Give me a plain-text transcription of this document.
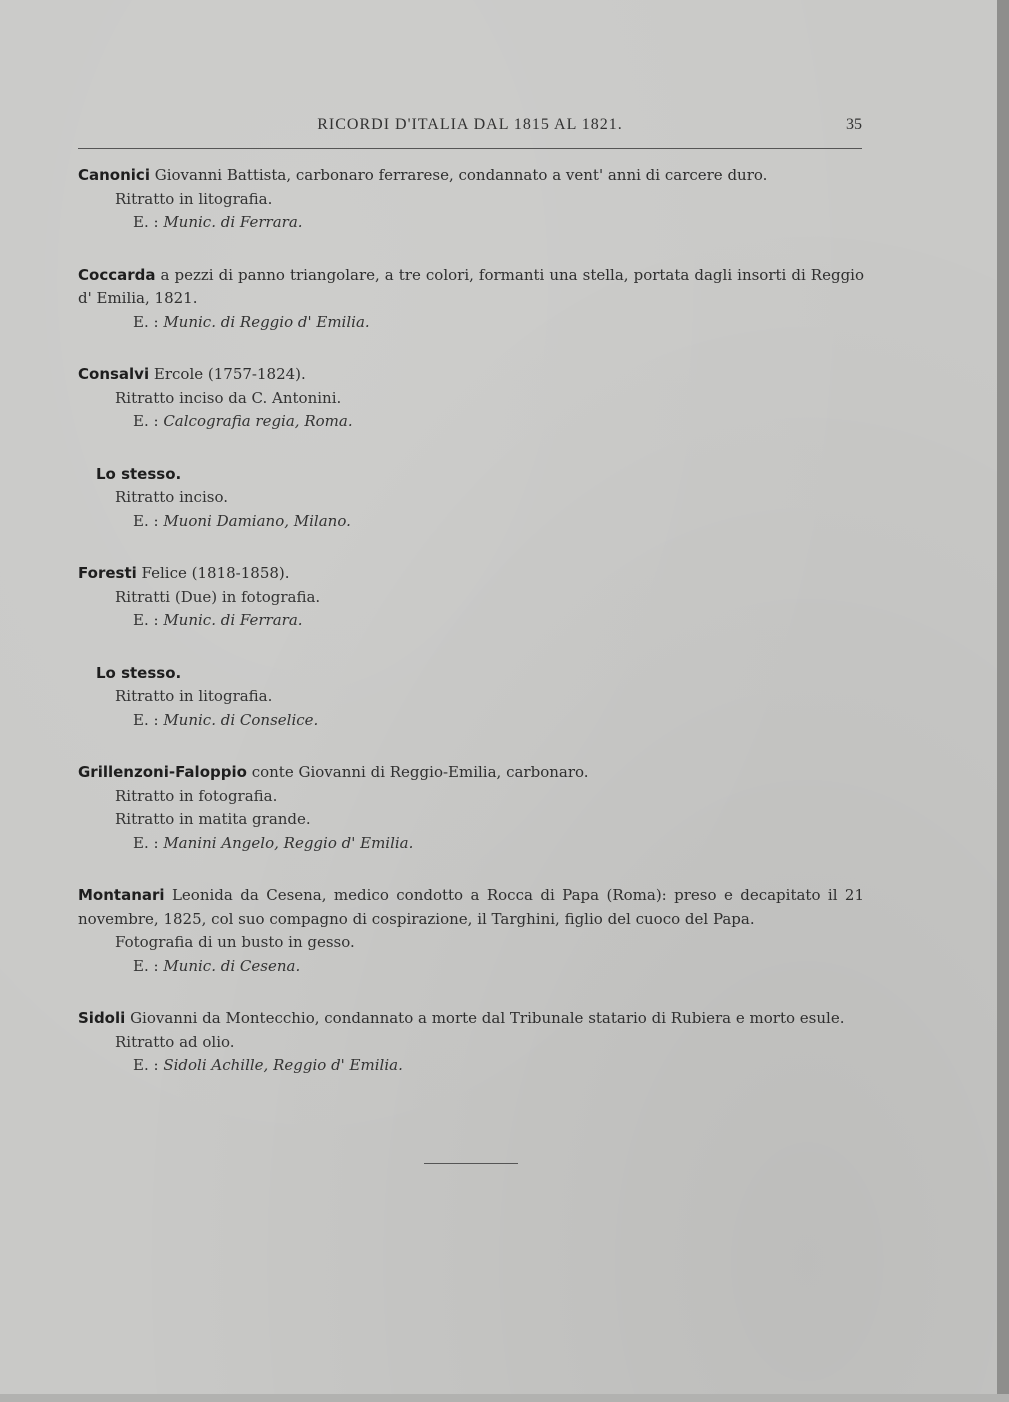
RICORDI D'ITALIA DAL 1815 AL 1821.	35

Canonici Giovanni Battista, carbonaro ferrarese, condannato a vent' anni di carcere duro.

Ritratto in litografia.

E. : Munic. di Ferrara.

Coccarda a pezzi di panno triangolare, a tre colori, formanti una stella, portata dagli insorti di Reggio d' Emilia, 1821.

E. : Munic. di Reggio d' Emilia.

Consalvi Ercole (1757-1824).

Ritratto inciso da C. Antonini.

E. : Calcografia regia, Roma.

Lo stesso.

Ritratto inciso.

E. : Muoni Damiano, Milano.

Foresti Felice (1818-1858).

Ritratti (Due) in fotografia.

E. : Munic. di Ferrara.

Lo stesso.

Ritratto in litografia.

E. : Munic. di Conselice.

Grillenzoni-Faloppio conte Giovanni di Reggio-Emilia, carbonaro.

Ritratto in fotografia.

Ritratto in matita grande.

E. : Manini Angelo, Reggio d' Emilia.

Montanari Leonida da Cesena, medico condotto a Rocca di Papa (Roma): preso e decapitato il 21 novembre, 1825, col suo compagno di cospirazione, il Targhini, figlio del cuoco del Papa.

Fotografia di un busto in gesso.

E. : Munic. di Cesena.

Sidoli Giovanni da Montecchio, condannato a morte dal Tribunale statario di Rubiera e morto esule.

Ritratto ad olio.

E. : Sidoli Achille, Reggio d' Emilia.
